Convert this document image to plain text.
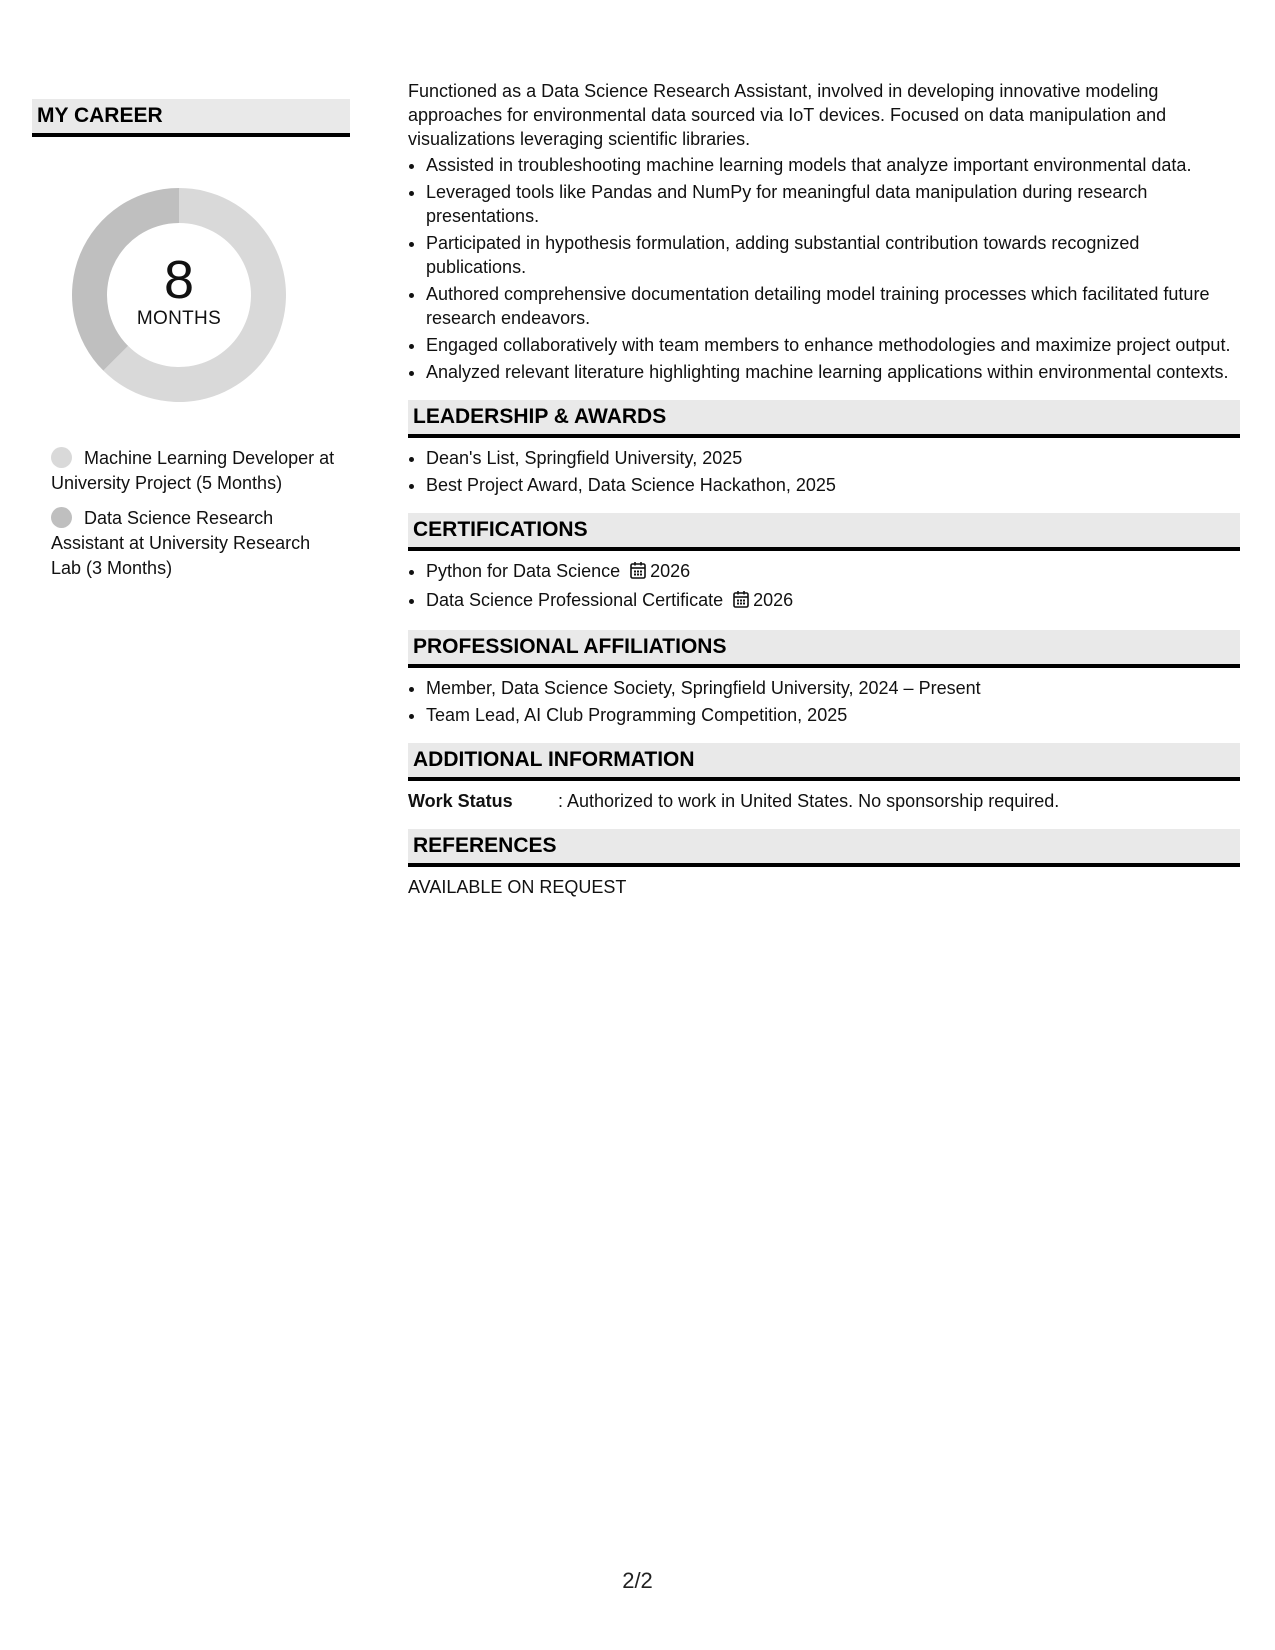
MY CAREER
8
MONTHS
Machine Learning Developer at University Project (5 Months)
Data Science Research Assistant at University Research Lab (3 Months)

Functioned as a Data Science Research Assistant, involved in developing innovative modeling approaches for environmental data sourced via IoT devices. Focused on data manipulation and visualizations leveraging scientific libraries.

• Assisted in troubleshooting machine learning models that analyze important environmental data.
• Leveraged tools like Pandas and NumPy for meaningful data manipulation during research presentations.
• Participated in hypothesis formulation, adding substantial contribution towards recognized publications.
• Authored comprehensive documentation detailing model training processes which facilitated future research endeavors.
• Engaged collaboratively with team members to enhance methodologies and maximize project output.
• Analyzed relevant literature highlighting machine learning applications within environmental contexts.
LEADERSHIP & AWARDS
• Dean's List, Springfield University, 2025
• Best Project Award, Data Science Hackathon, 2025
CERTIFICATIONS
• Python for Data Science 2026
• Data Science Professional Certificate 2026
PROFESSIONAL AFFILIATIONS
• Member, Data Science Society, Springfield University, 2024 – Present
• Team Lead, AI Club Programming Competition, 2025
ADDITIONAL INFORMATION
Work Status	: Authorized to work in United States. No sponsorship required.
REFERENCES
AVAILABLE ON REQUEST
2/2
